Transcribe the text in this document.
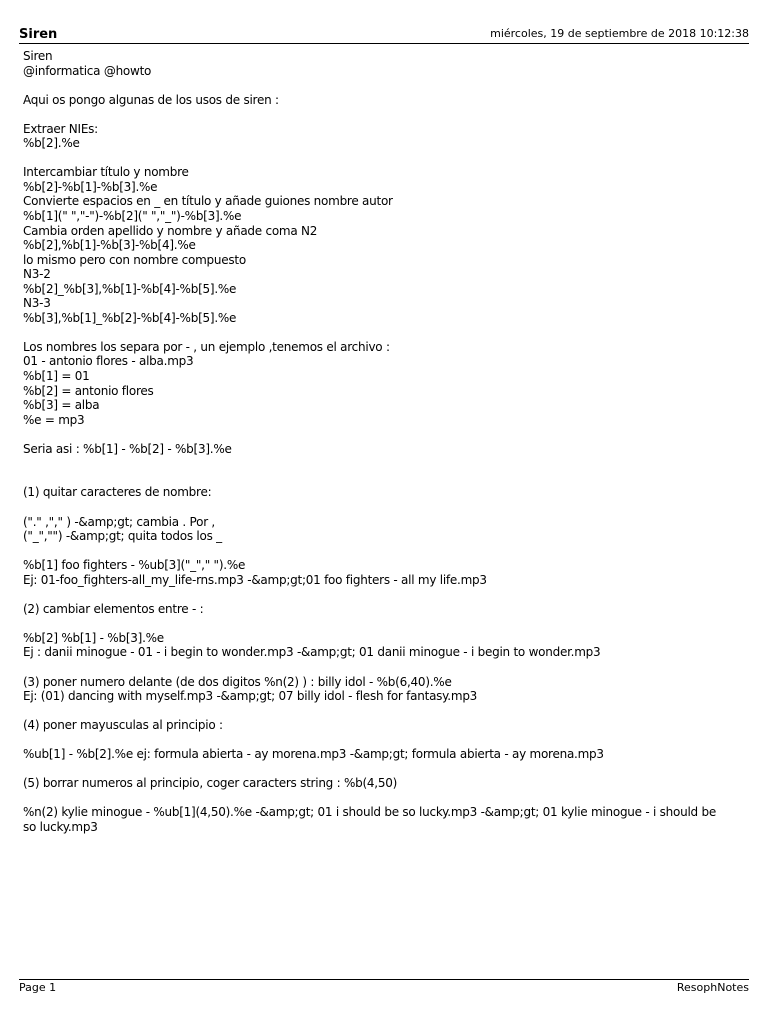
Siren	miércoles, 19 de septiembre de 2018 10:12:38
Siren
@informatica @howto
Aqui os pongo algunas de los usos de siren :
Extraer NIEs:
%b[2].%e
Intercambiar título y nombre
%b[2]-%b[1]-%b[3].%e
Convierte espacios en _ en título y añade guiones nombre autor
%b[1](" ","-")-%b[2](" ","_")-%b[3].%e
Cambia orden apellido y nombre y añade coma N2
%b[2],%b[1]-%b[3]-%b[4].%e
lo mismo pero con nombre compuesto
N3-2
%b[2]_%b[3],%b[1]-%b[4]-%b[5].%e
N3-3
%b[3],%b[1]_%b[2]-%b[4]-%b[5].%e
Los nombres los separa por - , un ejemplo ,tenemos el archivo :
01 - antonio flores - alba.mp3
%b[1] = 01
%b[2] = antonio flores
%b[3] = alba
%e = mp3
Seria asi : %b[1] - %b[2] - %b[3].%e
(1) quitar caracteres de nombre:
("." ,"," ) -&amp;gt; cambia . Por ,
("_","") -&amp;gt; quita todos los _
%b[1] foo fighters - %ub[3]("_"," ").%e
Ej: 01-foo_fighters-all_my_life-rns.mp3 -&amp;gt;01 foo fighters - all my life.mp3
(2) cambiar elementos entre - :
%b[2] %b[1] - %b[3].%e
Ej : danii minogue - 01 - i begin to wonder.mp3 -&amp;gt; 01 danii minogue - i begin to wonder.mp3
(3) poner numero delante (de dos digitos %n(2) ) : billy idol - %b(6,40).%e
Ej: (01) dancing with myself.mp3 -&amp;gt; 07 billy idol - flesh for fantasy.mp3
(4) poner mayusculas al principio :
%ub[1] - %b[2].%e ej: formula abierta - ay morena.mp3 -&amp;gt; formula abierta - ay morena.mp3
(5) borrar numeros al principio, coger caracters string : %b(4,50)
%n(2) kylie minogue - %ub[1](4,50).%e -&amp;gt; 01 i should be so lucky.mp3 -&amp;gt; 01 kylie minogue - i should be so lucky.mp3
Page 1	ResophNotes
